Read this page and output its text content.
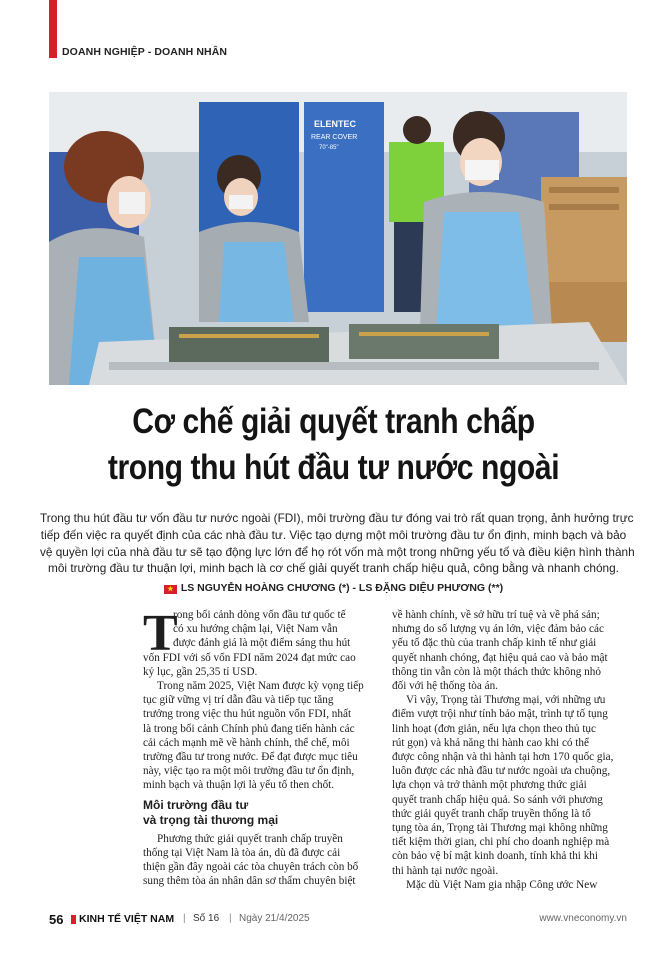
DOANH NGHIỆP - DOANH NHÂN
ELENTEC
REAR COVER
70"-85"
Cơ chế giải quyết tranh chấp
trong thu hút đầu tư nước ngoài
Trong thu hút đầu tư vốn đầu tư nước ngoài (FDI), môi trường đầu tư đóng vai trò rất quan trọng, ảnh hưởng trực
tiếp đến việc ra quyết định của các nhà đầu tư. Việc tạo dựng một môi trường đầu tư ổn định, minh bạch và bảo
vệ quyền lợi của nhà đầu tư sẽ tạo động lực lớn để họ rót vốn mà một trong những yếu tố và điều kiện hình thành
môi trường đầu tư thuận lợi, minh bạch là cơ chế giải quyết tranh chấp hiệu quả, công bằng và nhanh chóng.
★ LS NGUYỄN HOÀNG CHƯƠNG (*) - LS ĐẶNG DIỆU PHƯƠNG (**)
T
rong bối cảnh dòng vốn đầu tư quốc tế
có xu hướng chậm lại, Việt Nam vẫn
được đánh giá là một điểm sáng thu hút
vốn FDI với số vốn FDI năm 2024 đạt mức cao
kỷ lục, gần 25,35 tỉ USD.
Trong năm 2025, Việt Nam được kỳ vọng tiếp
tục giữ vững vị trí dẫn đầu và tiếp tục tăng
trưởng trong việc thu hút nguồn vốn FDI, nhất
là trong bối cảnh Chính phủ đang tiến hành các
cải cách mạnh mẽ về hành chính, thể chế, môi
trường đầu tư trong nước. Để đạt được mục tiêu
này, việc tạo ra một môi trường đầu tư ổn định,
minh bạch và thuận lợi là yếu tố then chốt.
Môi trường đầu tư
và trọng tài thương mại
Phương thức giải quyết tranh chấp truyền
thống tại Việt Nam là tòa án, dù đã được cải
thiện gần đây ngoài các tòa chuyên trách còn bổ
sung thêm tòa án nhân dân sơ thẩm chuyên biệt
về hành chính, về sở hữu trí tuệ và về phá sản;
nhưng do số lượng vụ án lớn, việc đảm bảo các
yếu tố đặc thù của tranh chấp kinh tế như giải
quyết nhanh chóng, đạt hiệu quả cao và bảo mật
thông tin vẫn còn là một thách thức không nhỏ
đối với hệ thống tòa án.
Vì vậy, Trọng tài Thương mại, với những ưu
điểm vượt trội như tính bảo mật, trình tự tố tụng
linh hoạt (đơn giản, nếu lựa chọn theo thủ tục
rút gọn) và khả năng thi hành cao khi có thể
được công nhận và thi hành tại hơn 170 quốc gia,
luôn được các nhà đầu tư nước ngoài ưa chuộng,
lựa chọn và trở thành một phương thức giải
quyết tranh chấp hiệu quả. So sánh với phương
thức giải quyết tranh chấp truyền thống là tố
tụng tòa án, Trọng tài Thương mại không những
tiết kiệm thời gian, chi phí cho doanh nghiệp mà
còn bảo vệ bí mật kinh doanh, tính khả thi khi
thi hành tại nước ngoài.
Mặc dù Việt Nam gia nhập Công ước New
56 KINH TẾ VIỆT NAM | Số 16 | Ngày 21/4/2025	www.vneconomy.vn
